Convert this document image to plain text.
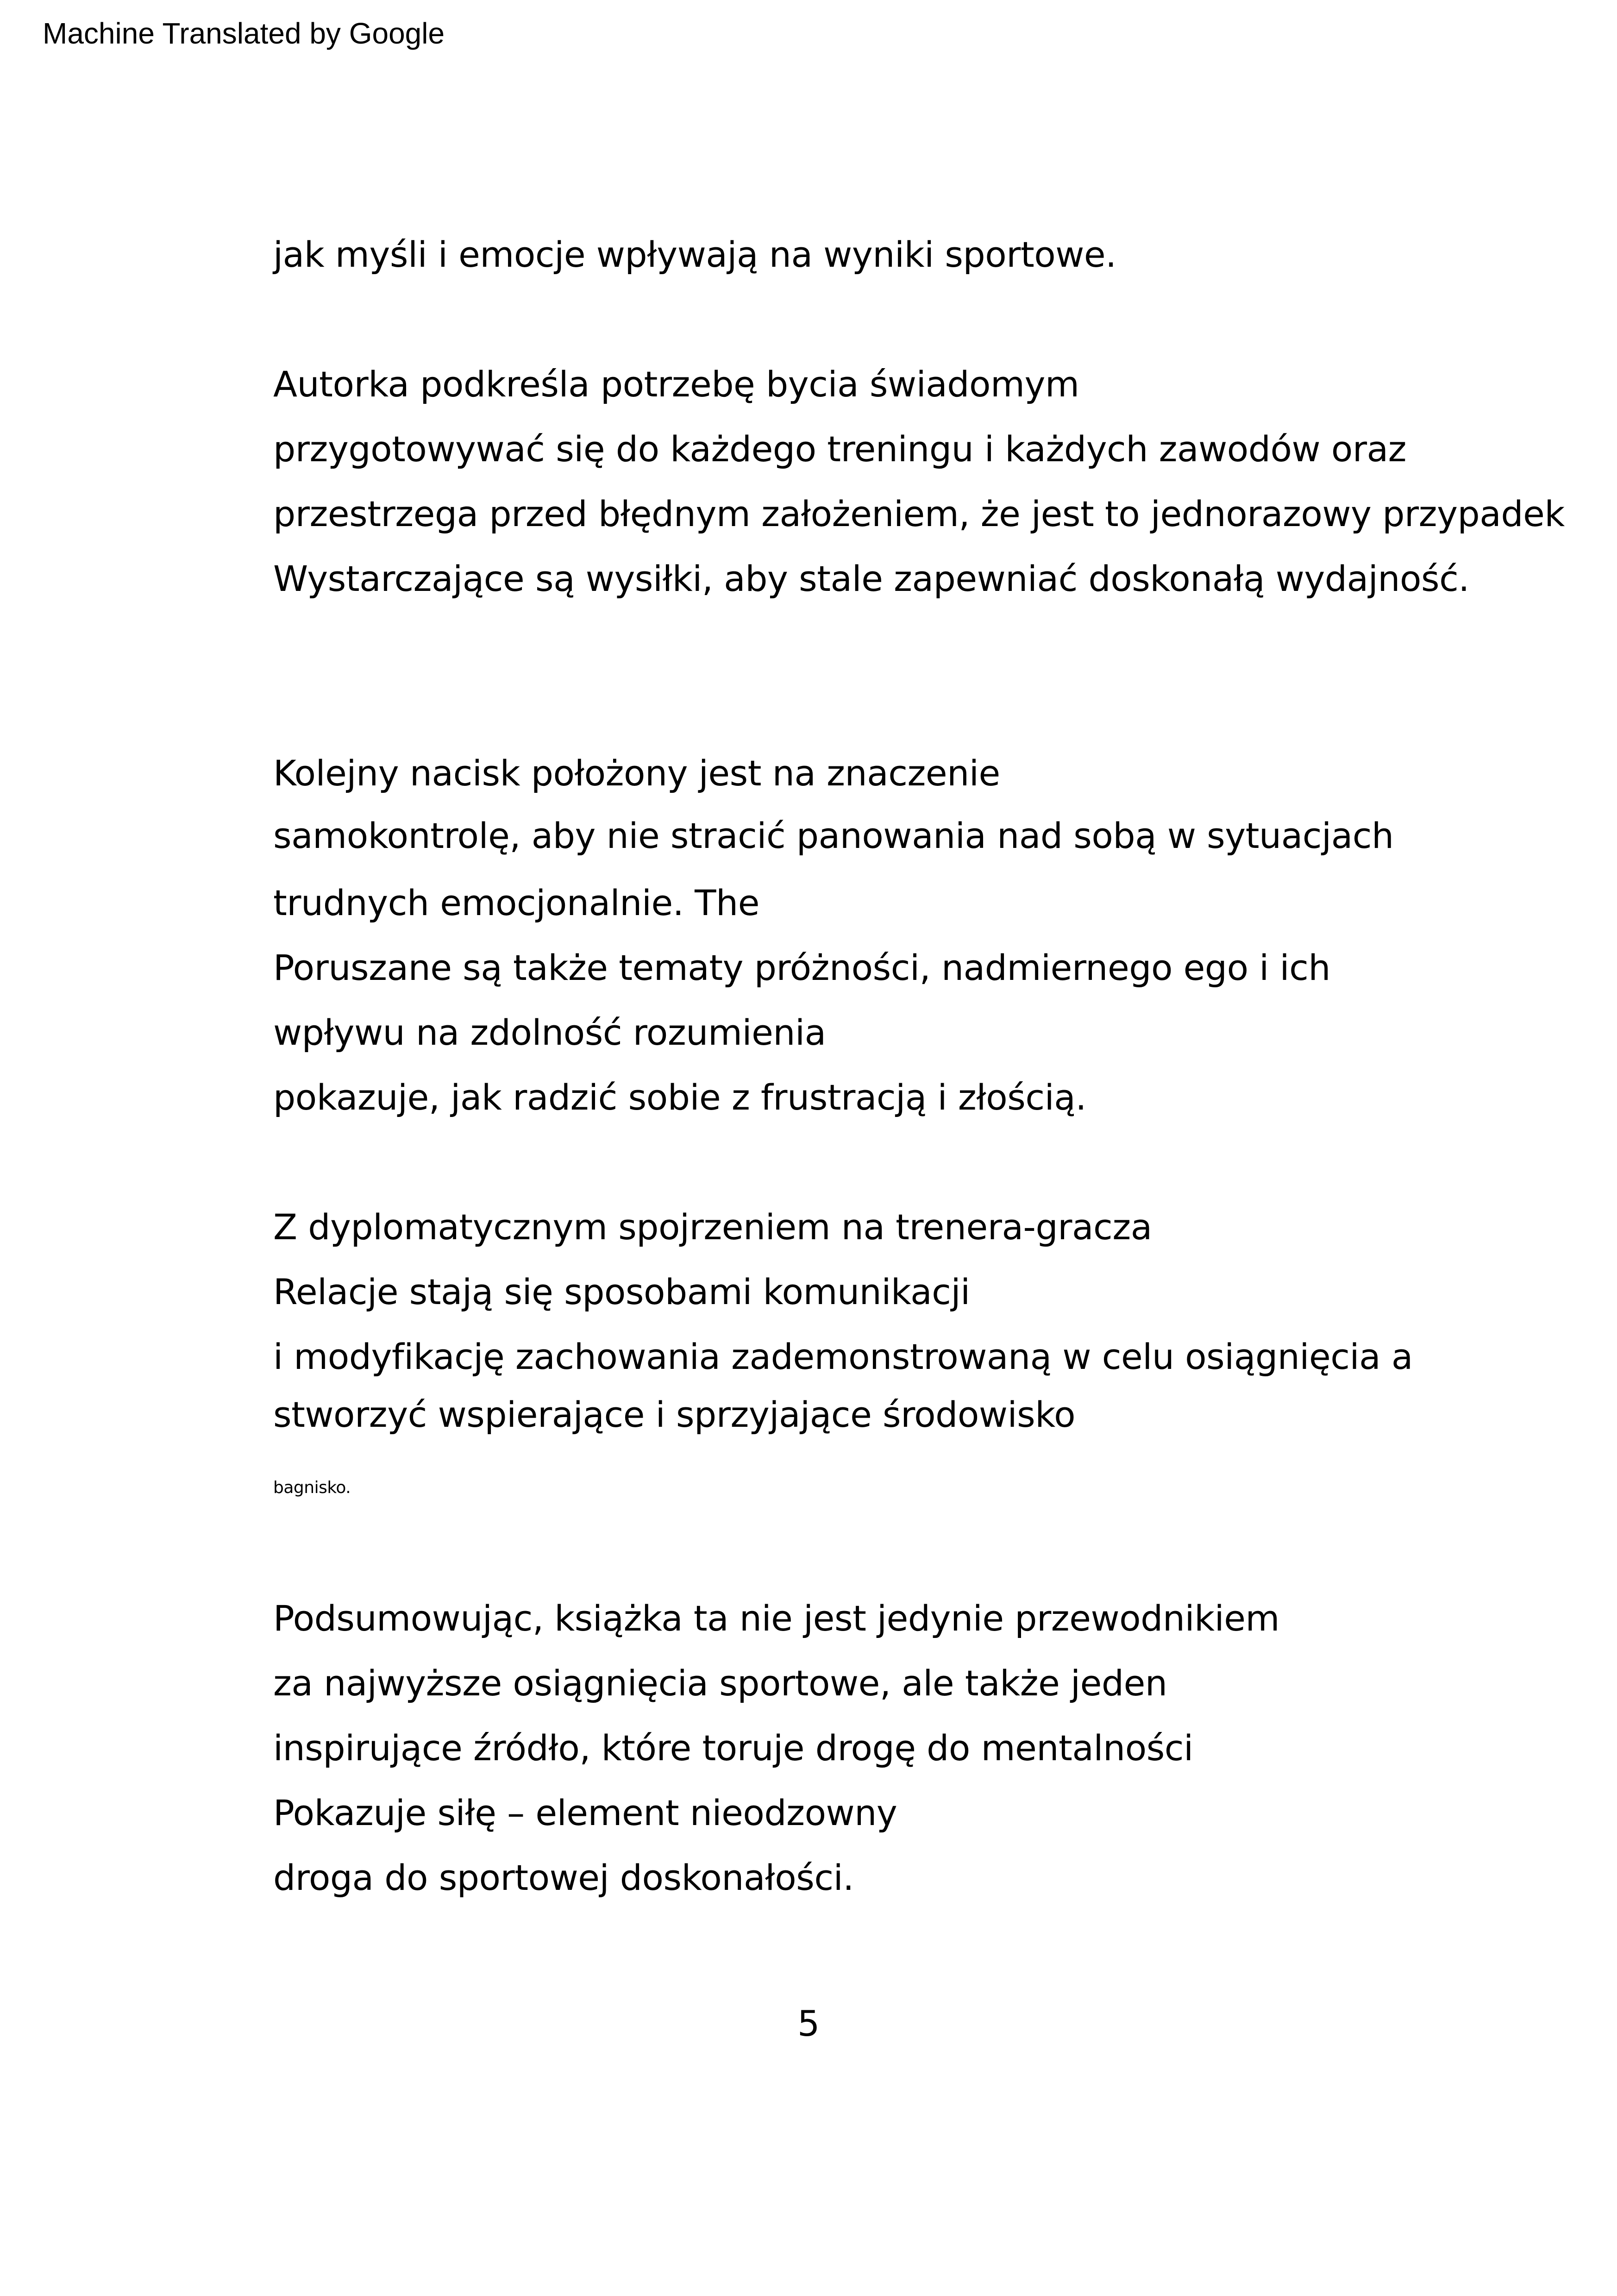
Machine Translated by Google
jak myśli i emocje wpływają na wyniki sportowe.
Autorka podkreśla potrzebę bycia świadomym
przygotowywać się do każdego treningu i każdych zawodów oraz
przestrzega przed błędnym założeniem, że jest to jednorazowy przypadek
Wystarczające są wysiłki, aby stale zapewniać doskonałą wydajność.
Kolejny nacisk położony jest na znaczenie
samokontrolę, aby nie stracić panowania nad sobą w sytuacjach
trudnych emocjonalnie. The
Poruszane są także tematy próżności, nadmiernego ego i ich
wpływu na zdolność rozumienia
pokazuje, jak radzić sobie z frustracją i złością.
Z dyplomatycznym spojrzeniem na trenera-gracza
Relacje stają się sposobami komunikacji
i modyfikację zachowania zademonstrowaną w celu osiągnięcia a
stworzyć wspierające i sprzyjające środowisko
bagnisko.
Podsumowując, książka ta nie jest jedynie przewodnikiem
za najwyższe osiągnięcia sportowe, ale także jeden
inspirujące źródło, które toruje drogę do mentalności
Pokazuje siłę – element nieodzowny
droga do sportowej doskonałości.
5
